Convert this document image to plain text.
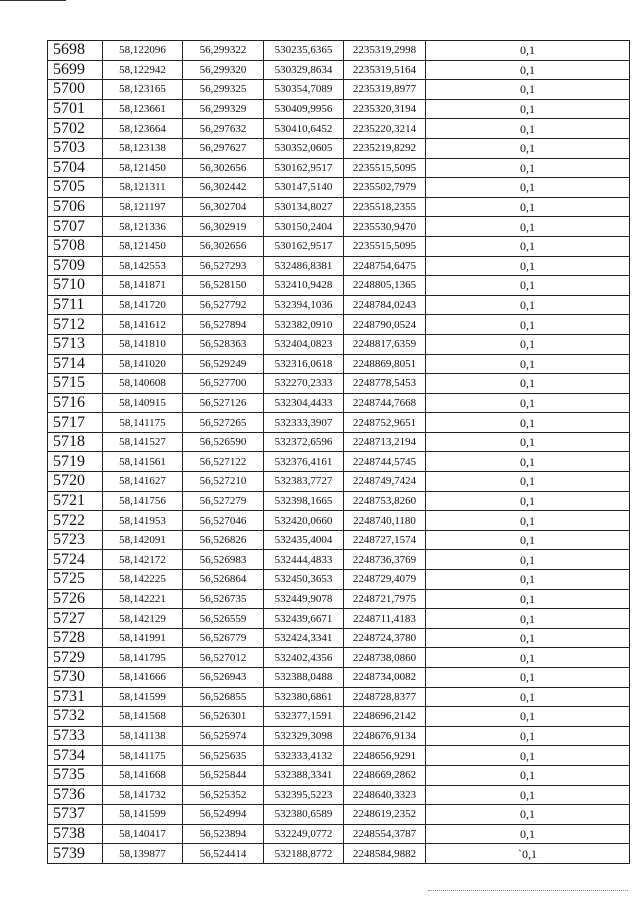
5698	58,122096	56,299322	530235,6365	2235319,2998	0,1
5699	58,122942	56,299320	530329,8634	2235319,5164	0,1
5700	58,123165	56,299325	530354,7089	2235319,8977	0,1
5701	58,123661	56,299329	530409,9956	2235320,3194	0,1
5702	58,123664	56,297632	530410,6452	2235220,3214	0,1
5703	58,123138	56,297627	530352,0605	2235219,8292	0,1
5704	58,121450	56,302656	530162,9517	2235515,5095	0,1
5705	58,121311	56,302442	530147,5140	2235502,7979	0,1
5706	58,121197	56,302704	530134,8027	2235518,2355	0,1
5707	58,121336	56,302919	530150,2404	2235530,9470	0,1
5708	58,121450	56,302656	530162,9517	2235515,5095	0,1
5709	58,142553	56,527293	532486,8381	2248754,6475	0,1
5710	58,141871	56,528150	532410,9428	2248805,1365	0,1
5711	58,141720	56,527792	532394,1036	2248784,0243	0,1
5712	58,141612	56,527894	532382,0910	2248790,0524	0,1
5713	58,141810	56,528363	532404,0823	2248817,6359	0,1
5714	58,141020	56,529249	532316,0618	2248869,8051	0,1
5715	58,140608	56,527700	532270,2333	2248778,5453	0,1
5716	58,140915	56,527126	532304,4433	2248744,7668	0,1
5717	58,141175	56,527265	532333,3907	2248752,9651	0,1
5718	58,141527	56,526590	532372,6596	2248713,2194	0,1
5719	58,141561	56,527122	532376,4161	2248744,5745	0,1
5720	58,141627	56,527210	532383,7727	2248749,7424	0,1
5721	58,141756	56,527279	532398,1665	2248753,8260	0,1
5722	58,141953	56,527046	532420,0660	2248740,1180	0,1
5723	58,142091	56,526826	532435,4004	2248727,1574	0,1
5724	58,142172	56,526983	532444,4833	2248736,3769	0,1
5725	58,142225	56,526864	532450,3653	2248729,4079	0,1
5726	58,142221	56,526735	532449,9078	2248721,7975	0,1
5727	58,142129	56,526559	532439,6671	2248711,4183	0,1
5728	58,141991	56,526779	532424,3341	2248724,3780	0,1
5729	58,141795	56,527012	532402,4356	2248738,0860	0,1
5730	58,141666	56,526943	532388,0488	2248734,0082	0,1
5731	58,141599	56,526855	532380,6861	2248728,8377	0,1
5732	58,141568	56,526301	532377,1591	2248696,2142	0,1
5733	58,141138	56,525974	532329,3098	2248676,9134	0,1
5734	58,141175	56,525635	532333,4132	2248656,9291	0,1
5735	58,141668	56,525844	532388,3341	2248669,2862	0,1
5736	58,141732	56,525352	532395,5223	2248640,3323	0,1
5737	58,141599	56,524994	532380,6589	2248619,2352	0,1
5738	58,140417	56,523894	532249,0772	2248554,3787	0,1
5739	58,139877	56,524414	532188,8772	2248584,9882	`0,1
